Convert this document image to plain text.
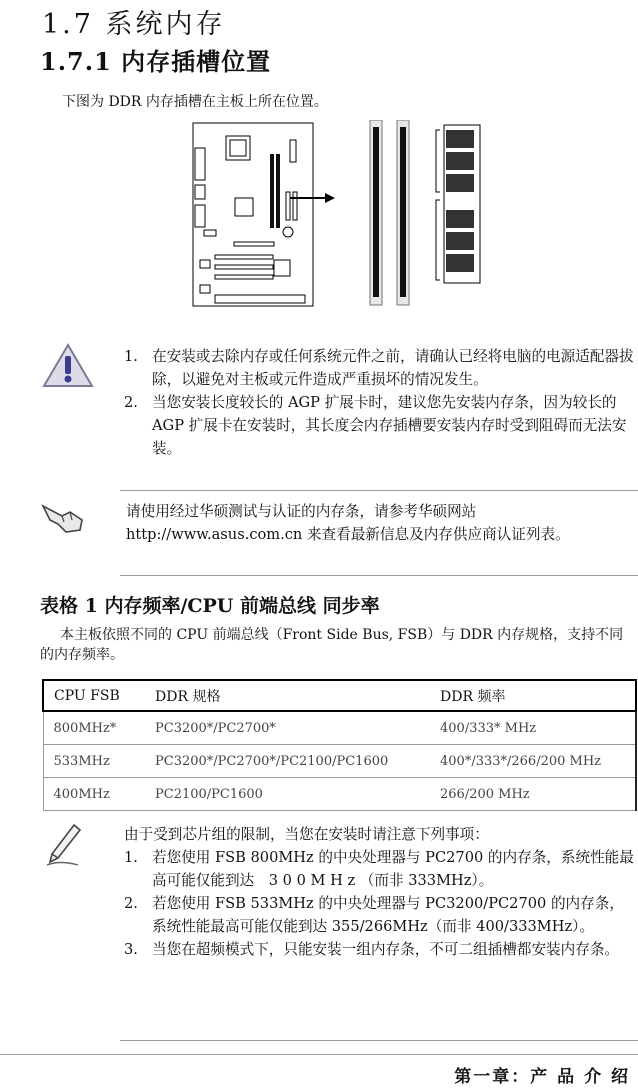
1.7 系统内存
1.7.1 内存插槽位置
下图为 DDR 内存插槽在主板上所在位置。
1. 在安装或去除内存或任何系统元件之前，请确认已经将电脑的电源适配器拔除，以避免对主板或元件造成严重损坏的情况发生。
2. 当您安装长度较长的 AGP 扩展卡时，建议您先安装内存条，因为较长的 AGP 扩展卡在安装时，其长度会内存插槽要安装内存时受到阻碍而无法安装。
请使用经过华硕测试与认证的内存条，请参考华硕网站 http://www.asus.com.cn 来查看最新信息及内存供应商认证列表。
表格 1 内存频率/CPU 前端总线 同步率
本主板依照不同的 CPU 前端总线（Front Side Bus, FSB）与 DDR 内存规格，支持不同的内存频率。
CPU FSB	DDR 规格	DDR 频率
800MHz*	PC3200*/PC2700*	400/333* MHz
533MHz	PC3200*/PC2700*/PC2100/PC1600	400*/333*/266/200 MHz
400MHz	PC2100/PC1600	266/200 MHz
由于受到芯片组的限制，当您在安装时请注意下列事项：
1. 若您使用 FSB 800MHz 的中央处理器与 PC2700 的内存条，系统性能最高可能仅能到达　3 0 0 M H z （而非 333MHz）。
2. 若您使用 FSB 533MHz 的中央处理器与 PC3200/PC2700 的内存条，系统性能最高可能仅能到达 355/266MHz（而非 400/333MHz）。
3. 当您在超频模式下，只能安装一组内存条，不可二组插槽都安装内存条。
第一章：产 品 介 绍
